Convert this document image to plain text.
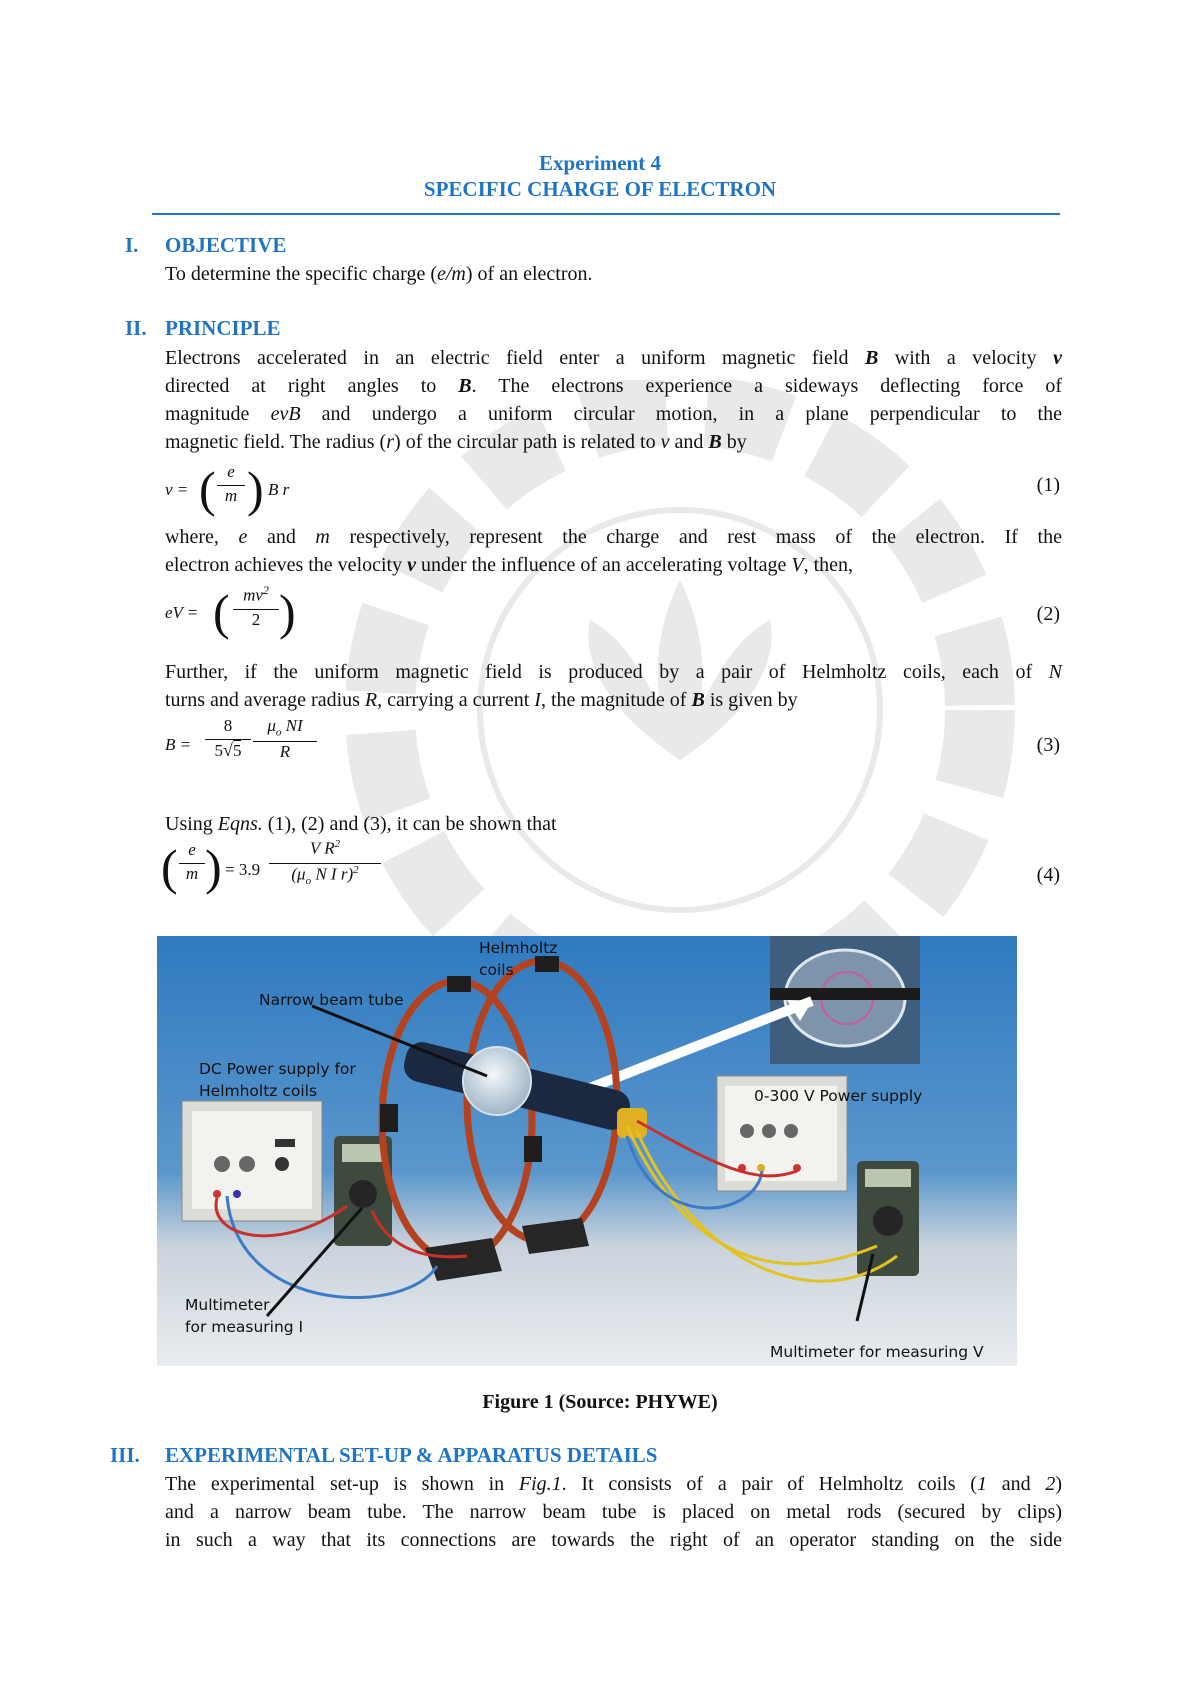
Experiment 4
SPECIFIC CHARGE OF ELECTRON
I. OBJECTIVE
To determine the specific charge (e/m) of an electron.
II. PRINCIPLE
Electrons accelerated in an electric field enter a uniform magnetic field B with a velocity v
directed at right angles to B. The electrons experience a sideways deflecting force of
magnitude evB and undergo a uniform circular motion, in a plane perpendicular to the
magnetic field. The radius (r) of the circular path is related to v and B by
v = ( $\frac{e}{m}$ ) B r	(1)
where, e and m respectively, represent the charge and rest mass of the electron. If the
electron achieves the velocity v under the influence of an accelerating voltage V, then,
eV = ( $\frac{mv^2}{2}$ )	(2)
Further, if the uniform magnetic field is produced by a pair of Helmholtz coils, each of N
turns and average radius R, carrying a current I, the magnitude of B is given by
$B = \frac{8}{5√5} \frac{\mu_o NI}{R}$	(3)
Using Eqns. (1), (2) and (3), it can be shown that
( $\frac{e}{m}$ ) = $3.9 \frac{V R^2}{(\mu_o N I r)^2}$	(4)
Helmholtz
coils
Narrow beam tube
DC Power supply for
Helmholtz coils	0-300 V Power supply
Multimeter
for measuring I
Multimeter for measuring V
Figure 1 (Source: PHYWE)
III. EXPERIMENTAL SET-UP & APPARATUS DETAILS
The experimental set-up is shown in Fig.1. It consists of a pair of Helmholtz coils (1 and 2)
and a narrow beam tube. The narrow beam tube is placed on metal rods (secured by clips)
in such a way that its connections are towards the right of an operator standing on the side
